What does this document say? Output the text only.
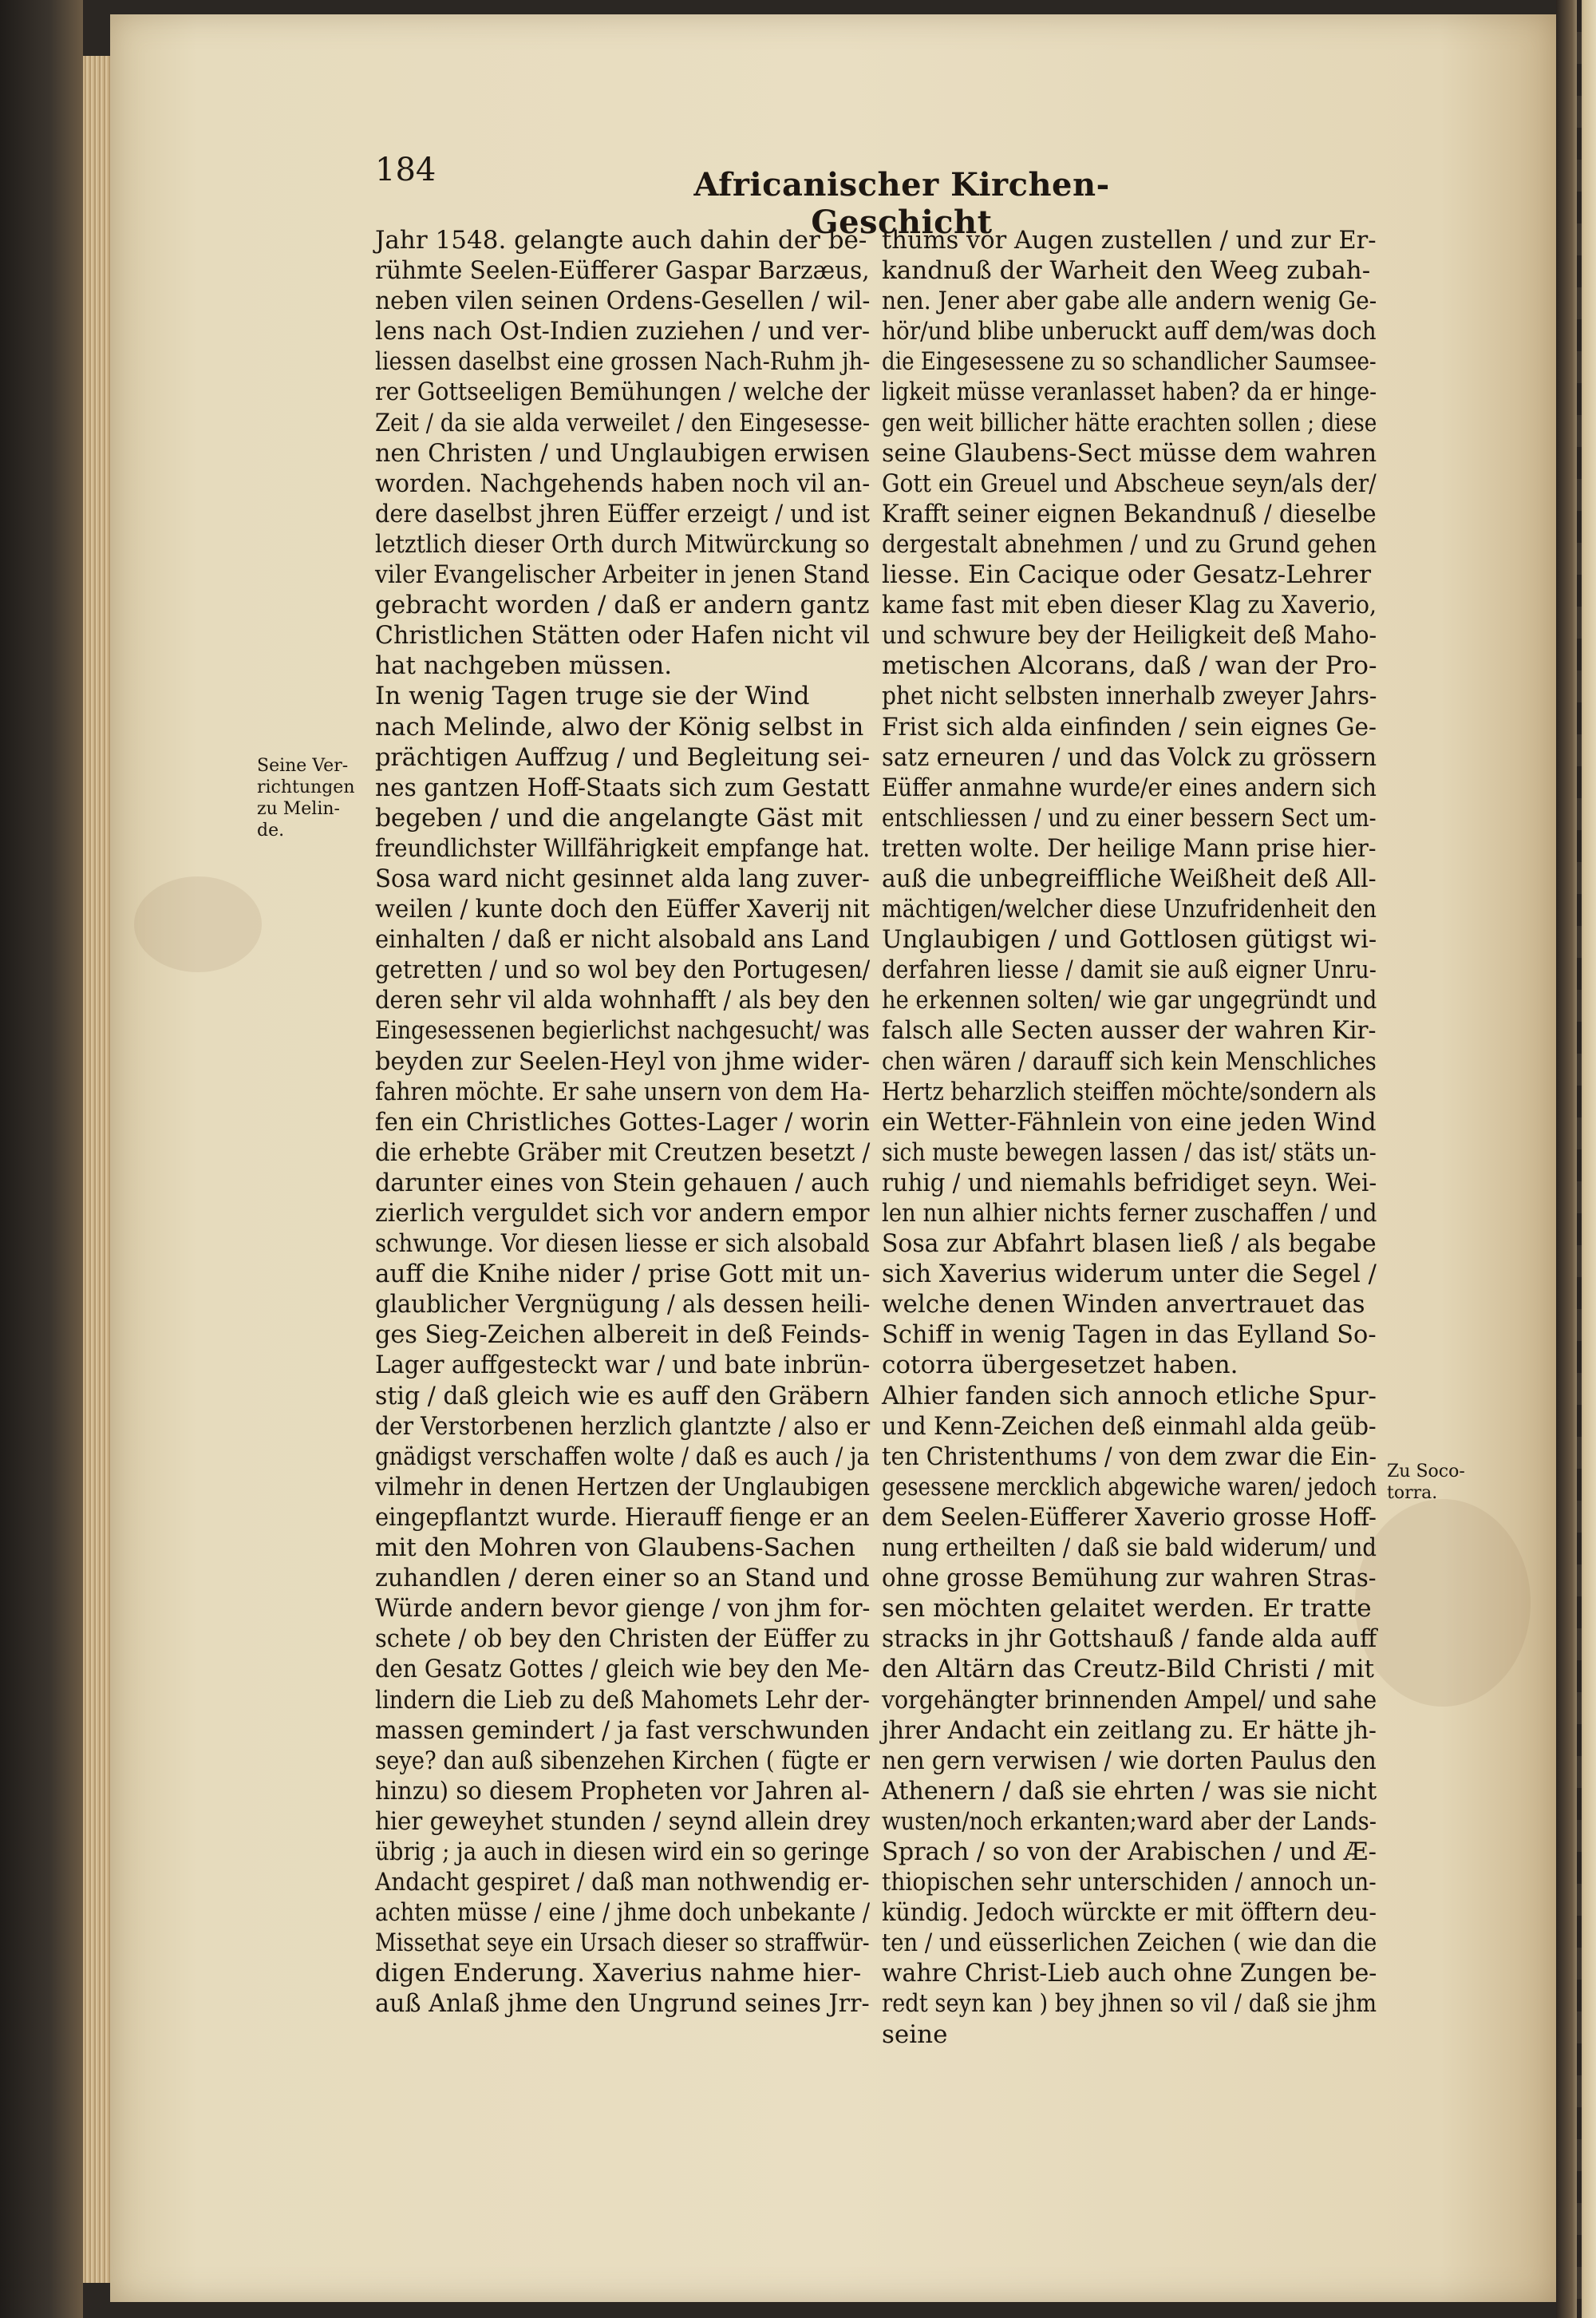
184	Africanischer Kirchen-Geschicht
Seine Ver-
richtungen
zu Melin-
de.
Zu Soco-
torra.
Jahr 1548. gelangte auch dahin der be-
rühmte Seelen-Eüfferer Gaspar Barzæus,
neben vilen seinen Ordens-Gesellen / wil-
lens nach Ost-Indien zuziehen / und ver-
liessen daselbst eine grossen Nach-Ruhm jh-
rer Gottseeligen Bemühungen / welche der
Zeit / da sie alda verweilet / den Eingesesse-
nen Christen / und Unglaubigen erwisen
worden. Nachgehends haben noch vil an-
dere daselbst jhren Eüffer erzeigt / und ist
letztlich dieser Orth durch Mitwürckung so
viler Evangelischer Arbeiter in jenen Stand
gebracht worden / daß er andern gantz
Christlichen Stätten oder Hafen nicht vil
hat nachgeben müssen.
In wenig Tagen truge sie der Wind
nach Melinde, alwo der König selbst in
prächtigen Auffzug / und Begleitung sei-
nes gantzen Hoff-Staats sich zum Gestatt
begeben / und die angelangte Gäst mit
freundlichster Willfährigkeit empfange hat.
Sosa ward nicht gesinnet alda lang zuver-
weilen / kunte doch den Eüffer Xaverij nit
einhalten / daß er nicht alsobald ans Land
getretten / und so wol bey den Portugesen/
deren sehr vil alda wohnhafft / als bey den
Eingesessenen begierlichst nachgesucht/ was
beyden zur Seelen-Heyl von jhme wider-
fahren möchte. Er sahe unsern von dem Ha-
fen ein Christliches Gottes-Lager / worin
die erhebte Gräber mit Creutzen besetzt /
darunter eines von Stein gehauen / auch
zierlich verguldet sich vor andern empor
schwunge. Vor diesen liesse er sich alsobald
auff die Knihe nider / prise Gott mit un-
glaublicher Vergnügung / als dessen heili-
ges Sieg-Zeichen albereit in deß Feinds-
Lager auffgesteckt war / und bate inbrün-
stig / daß gleich wie es auff den Gräbern
der Verstorbenen herzlich glantzte / also er
gnädigst verschaffen wolte / daß es auch / ja
vilmehr in denen Hertzen der Unglaubigen
eingepflantzt wurde. Hierauff fienge er an
mit den Mohren von Glaubens-Sachen
zuhandlen / deren einer so an Stand und
Würde andern bevor gienge / von jhm for-
schete / ob bey den Christen der Eüffer zu
den Gesatz Gottes / gleich wie bey den Me-
lindern die Lieb zu deß Mahomets Lehr der-
massen gemindert / ja fast verschwunden
seye? dan auß sibenzehen Kirchen ( fügte er
hinzu) so diesem Propheten vor Jahren al-
hier geweyhet stunden / seynd allein drey
übrig ; ja auch in diesen wird ein so geringe
Andacht gespiret / daß man nothwendig er-
achten müsse / eine / jhme doch unbekante /
Missethat seye ein Ursach dieser so straffwür-
digen Enderung. Xaverius nahme hier-
auß Anlaß jhme den Ungrund seines Jrr-
thums vor Augen zustellen / und zur Er-
kandnuß der Warheit den Weeg zubah-
nen. Jener aber gabe alle andern wenig Ge-
hör/und blibe unberuckt auff dem/was doch
die Eingesessene zu so schandlicher Saumsee-
ligkeit müsse veranlasset haben? da er hinge-
gen weit billicher hätte erachten sollen ; diese
seine Glaubens-Sect müsse dem wahren
Gott ein Greuel und Abscheue seyn/als der/
Krafft seiner eignen Bekandnuß / dieselbe
dergestalt abnehmen / und zu Grund gehen
liesse. Ein Cacique oder Gesatz-Lehrer
kame fast mit eben dieser Klag zu Xaverio,
und schwure bey der Heiligkeit deß Maho-
metischen Alcorans, daß / wan der Pro-
phet nicht selbsten innerhalb zweyer Jahrs-
Frist sich alda einfinden / sein eignes Ge-
satz erneuren / und das Volck zu grössern
Eüffer anmahne wurde/er eines andern sich
entschliessen / und zu einer bessern Sect um-
tretten wolte. Der heilige Mann prise hier-
auß die unbegreiffliche Weißheit deß All-
mächtigen/welcher diese Unzufridenheit den
Unglaubigen / und Gottlosen gütigst wi-
derfahren liesse / damit sie auß eigner Unru-
he erkennen solten/ wie gar ungegründt und
falsch alle Secten ausser der wahren Kir-
chen wären / darauff sich kein Menschliches
Hertz beharzlich steiffen möchte/sondern als
ein Wetter-Fähnlein von eine jeden Wind
sich muste bewegen lassen / das ist/ stäts un-
ruhig / und niemahls befridiget seyn. Wei-
len nun alhier nichts ferner zuschaffen / und
Sosa zur Abfahrt blasen ließ / als begabe
sich Xaverius widerum unter die Segel /
welche denen Winden anvertrauet das
Schiff in wenig Tagen in das Eylland So-
cotorra übergesetzet haben.
Alhier fanden sich annoch etliche Spur-
und Kenn-Zeichen deß einmahl alda geüb-
ten Christenthums / von dem zwar die Ein-
gesessene mercklich abgewiche waren/ jedoch
dem Seelen-Eüfferer Xaverio grosse Hoff-
nung ertheilten / daß sie bald widerum/ und
ohne grosse Bemühung zur wahren Stras-
sen möchten gelaitet werden. Er tratte
stracks in jhr Gottshauß / fande alda auff
den Altärn das Creutz-Bild Christi / mit
vorgehängter brinnenden Ampel/ und sahe
jhrer Andacht ein zeitlang zu. Er hätte jh-
nen gern verwisen / wie dorten Paulus den
Athenern / daß sie ehrten / was sie nicht
wusten/noch erkanten;ward aber der Lands-
Sprach / so von der Arabischen / und Æ-
thiopischen sehr unterschiden / annoch un-
kündig. Jedoch würckte er mit öfftern deu-
ten / und eüsserlichen Zeichen ( wie dan die
wahre Christ-Lieb auch ohne Zungen be-
redt seyn kan ) bey jhnen so vil / daß sie jhm
seine
